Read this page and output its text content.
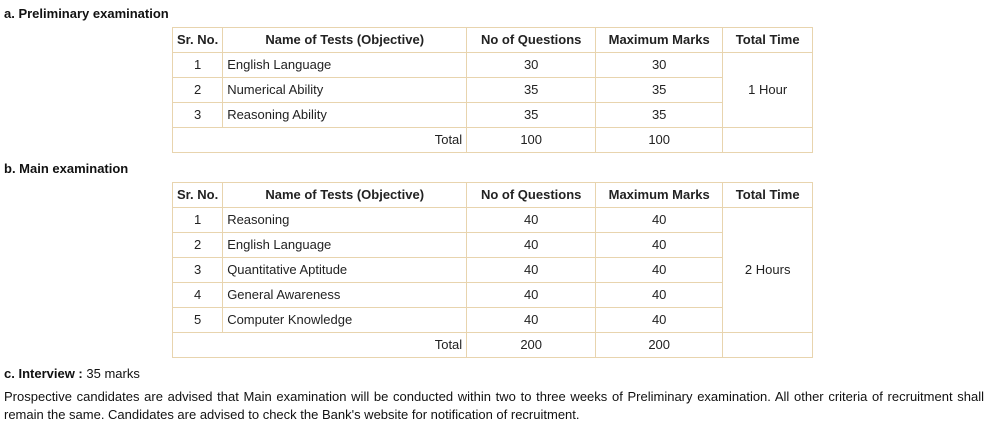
a. Preliminary examination
Sr. No.	Name of Tests (Objective)	No of Questions	Maximum Marks	Total Time
1	English Language	30	30	1 Hour
2	Numerical Ability	35	35	
3	Reasoning Ability	35	35	
Total		100	100	
b. Main examination
Sr. No.	Name of Tests (Objective)	No of Questions	Maximum Marks	Total Time
1	Reasoning	40	40	2 Hours
2	English Language	40	40	
3	Quantitative Aptitude	40	40	
4	General Awareness	40	40	
5	Computer Knowledge	40	40	
Total		200	200	
c. Interview : 35 marks
Prospective candidates are advised that Main examination will be conducted within two to three weeks of Preliminary examination. All other criteria of recruitment shall remain the same. Candidates are advised to check the Bank's website for notification of recruitment.
